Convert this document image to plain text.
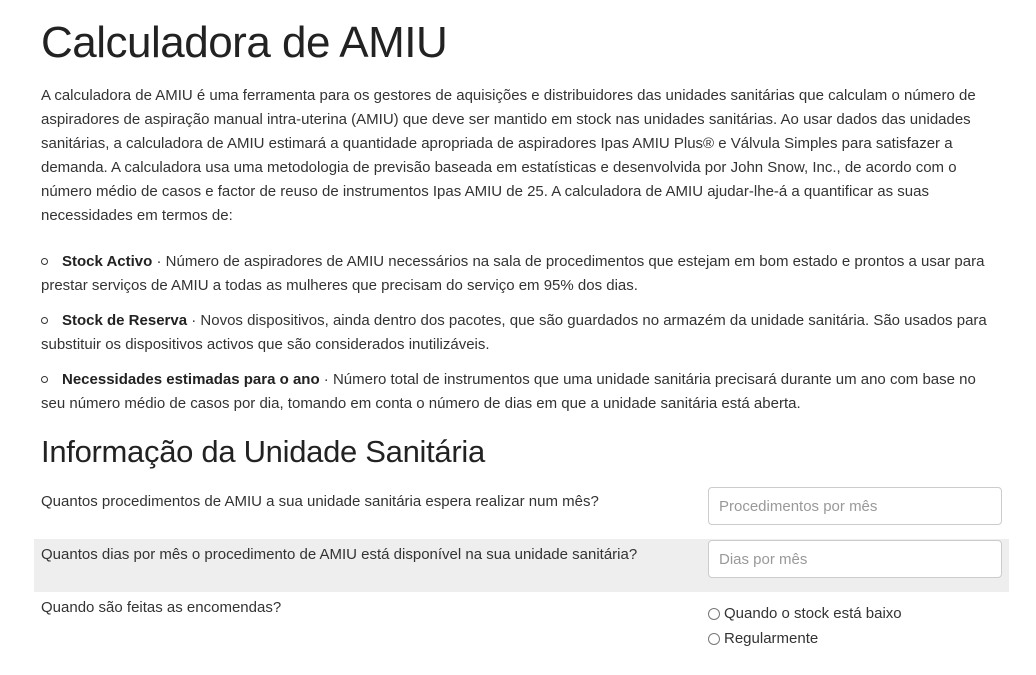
Calculadora de AMIU

A calculadora de AMIU é uma ferramenta para os gestores de aquisições e distribuidores das unidades sanitárias que calculam o número de aspiradores de aspiração manual intra-uterina (AMIU) que deve ser mantido em stock nas unidades sanitárias. Ao usar dados das unidades sanitárias, a calculadora de AMIU estimará a quantidade apropriada de aspiradores Ipas AMIU Plus® e Válvula Simples para satisfazer a demanda. A calculadora usa uma metodologia de previsão baseada em estatísticas e desenvolvida por John Snow, Inc., de acordo com o número médio de casos e factor de reuso de instrumentos Ipas AMIU de 25. A calculadora de AMIU ajudar-lhe-á a quantificar as suas necessidades em termos de:

Stock Activo · Número de aspiradores de AMIU necessários na sala de procedimentos que estejam em bom estado e prontos a usar para prestar serviços de AMIU a todas as mulheres que precisam do serviço em 95% dos dias.
Stock de Reserva · Novos dispositivos, ainda dentro dos pacotes, que são guardados no armazém da unidade sanitária. São usados para substituir os dispositivos activos que são considerados inutilizáveis.
Necessidades estimadas para o ano · Número total de instrumentos que uma unidade sanitária precisará durante um ano com base no seu número médio de casos por dia, tomando em conta o número de dias em que a unidade sanitária está aberta.
Informação da Unidade Sanitária
Quantos procedimentos de AMIU a sua unidade sanitária espera realizar num mês?
Procedimentos por mês
Quantos dias por mês o procedimento de AMIU está disponível na sua unidade sanitária?
Dias por mês
Quando são feitas as encomendas?	Quando o stock está baixo
Regularmente
